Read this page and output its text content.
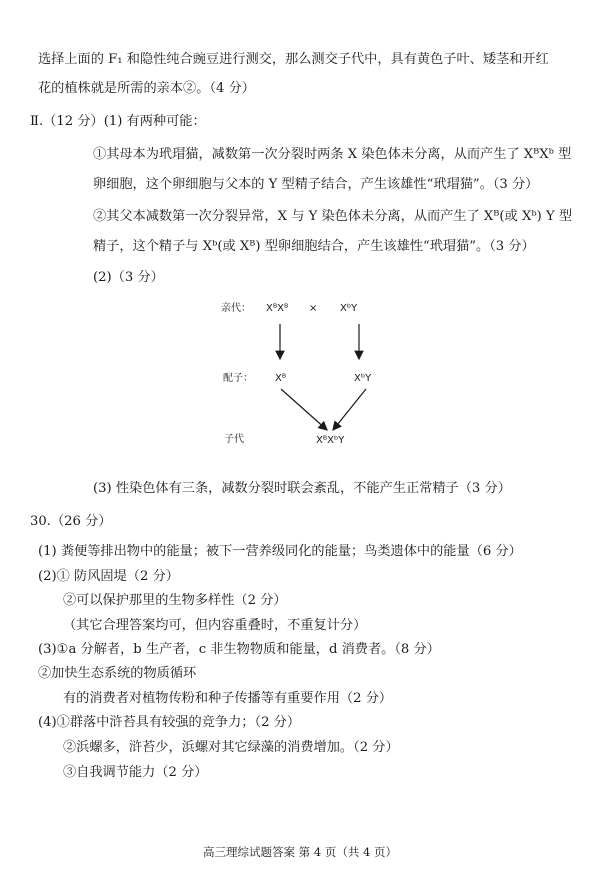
选择上面的 F₁ 和隐性纯合豌豆进行测交，那么测交子代中，具有黄色子叶、矮茎和开红
花的植株就是所需的亲本②。（4 分）
Ⅱ.（12 分）(1) 有两种可能：
①其母本为玳瑁猫，减数第一次分裂时两条 X 染色体未分离，从而产生了 XᴮXᵇ 型
卵细胞，这个卵细胞与父本的 Y 型精子结合，产生该雄性“玳瑁猫”。（3 分）
②其父本减数第一次分裂异常，X 与 Y 染色体未分离，从而产生了 Xᴮ(或 Xᵇ) Y 型
精子，这个精子与 Xᵇ(或 Xᴮ) 型卵细胞结合，产生该雄性“玳瑁猫”。（3 分）
(2)（3 分）
亲代： XᴮXᴮ × XᵇY
配子： Xᴮ	XᵇY
子代	XᴮXᵇY
(3) 性染色体有三条，减数分裂时联会紊乱，不能产生正常精子（3 分）
30.（26 分）
(1) 粪便等排出物中的能量；被下一营养级同化的能量；鸟类遗体中的能量（6 分）
(2)① 防风固堤（2 分）
②可以保护那里的生物多样性（2 分）
（其它合理答案均可，但内容重叠时，不重复计分）
(3)①a 分解者，b 生产者，c 非生物物质和能量，d 消费者。（8 分）
②加快生态系统的物质循环
有的消费者对植物传粉和种子传播等有重要作用（2 分）
(4)①群落中浒苔具有较强的竞争力；（2 分）
②浜螺多，浒苔少，浜螺对其它绿藻的消费增加。（2 分）
③自我调节能力（2 分）
高三理综试题答案 第 4 页（共 4 页）
